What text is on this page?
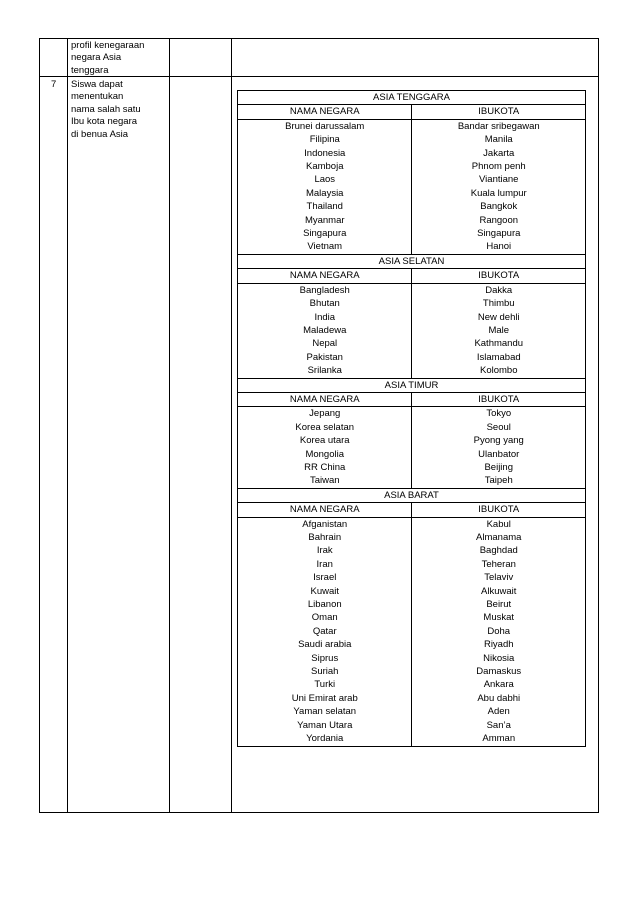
profil kenegaraan
negara Asia
tenggara
7 Siswa dapat
menentukan
nama salah satu
Ibu kota negara
di benua Asia
ASIA TENGGARA	
NAMA NEGARA	IBUKOTA
Brunei darussalam	Bandar sribegawan
Filipina	Manila
Indonesia	Jakarta
Kamboja	Phnom penh
Laos	Viantiane
Malaysia	Kuala lumpur
Thailand	Bangkok
Myanmar	Rangoon
Singapura	Singapura
Vietnam	Hanoi
ASIA SELATAN	
NAMA NEGARA	IBUKOTA
Bangladesh	Dakka
Bhutan	Thimbu
India	New dehli
Maladewa	Male
Nepal	Kathmandu
Pakistan	Islamabad
Srilanka	Kolombo
ASIA TIMUR	
NAMA NEGARA	IBUKOTA
Jepang	Tokyo
Korea selatan	Seoul
Korea utara	Pyong yang
Mongolia	Ulanbator
RR China	Beijing
Taiwan	Taipeh
ASIA BARAT	
NAMA NEGARA	IBUKOTA
Afganistan	Kabul
Bahrain	Almanama
Irak	Baghdad
Iran	Teheran
Israel	Telaviv
Kuwait	Alkuwait
Libanon	Beirut
Oman	Muskat
Qatar	Doha
Saudi arabia	Riyadh
Siprus	Nikosia
Suriah	Damaskus
Turki	Ankara
Uni Emirat arab	Abu dabhi
Yaman selatan	Aden
Yaman Utara	San’a
Yordania	Amman
